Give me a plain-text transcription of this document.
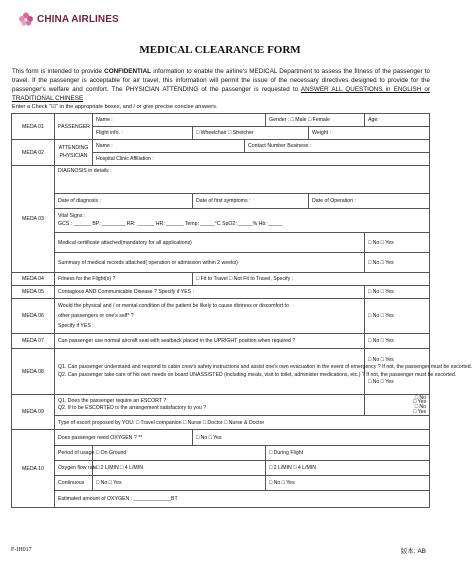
CHINA AIRLINES
MEDICAL CLEARANCE FORM
This form is intended to provide CONFIDENTIAL information to enable the airline's MEDICAL Department to assess the fitness of the passenger to travel. If the passenger is acceptable for air travel, this information will permit the issue of the necessary directives designed to provide for the passenger's welfare and comfort. The PHYSICIAN ATTENDING of the passenger is requested to ANSWER ALL QUESTIONS in ENGLISH or TRADITIONAL CHINESE
Enter a Check "☑" in the appropriate boxes, and / or give precise concise answers.
MEDA 01	PASSENGER	Name :			Gender : □ Male □ Female		Age:
		Flight info. :	□ Wheelchair □ Stretcher			Weight :	
MEDA 02	ATTENDING
PHYSICIAN	Name :		Contact Number Business :			
		Hospital Clinic Affiliation :					
MEDA 03	DIAGNOSIS in details :						
	Date of diagnosis :		Date of first symptoms :			Date of Operation :	

	Vital Signs :
GCS : ______ BP: ________ RR: ______ HR: ______ Temp: _____°C SpO2: _____% Hb: _____						

	Medical certificate attached(mandatory for all applications)						□ No □ Yes
	Summary of medical records attached( operation or admission within 2 weeks)						□ No □ Yes
MEDA 04	Fitness for the Flight(s) ?		□ Fit to Travel □ Not Fit to Travel, Specify :				
MEDA 05	Contagious AND Communicable Disease ? Specify if YES :						□ No □ Yes
MEDA 06	Would the physical and / or mental condition of the patient be likely to cause distress or discomfort to
other passengers or one's self* ?
Specify if YES :						□ No □ Yes
MEDA 07	Can passenger use normal aircraft seat with seatback placed in the UPRIGHT position when required ?						□ No □ Yes
MEDA 08	Q1. Can passenger understand and respond to cabin crew's safety instructions and assist one's own evacuation in the event of emergency ? If not, the passenger must be escorted.
Q2. Can passenger take care of his own needs on board UNASSISTED (including meals, visit to toilet, administer medications, etc.) ? If not, the passenger must be escorted.						□ No □ Yes
□ No □ Yes

MEDA 09	Q1. Does the passenger require an ESCORT ?
Q2. If to be ESCORTED is the arrangement satisfactory to you ?						□ No
□ Yes
□ No
□ Yes

	Type of escort proposed by YOU: □ Travel companion □ Nurse □ Doctor □ Nurse & Doctor						
MEDA 10	Does passenger need OXYGEN ? **		□ No □ Yes				
	Period of usage	□ On Ground			□ During Flight		
	Oxygen flow rate	□ 2 L/MIN □ 4 L/MIN			□ 2 L/MIN □ 4 L/MIN		
	Continuous	□ No □ Yes			□ No □ Yes		
	Estimated amount of OXYGEN : _____________BT						
F-IH017	版本: AB
